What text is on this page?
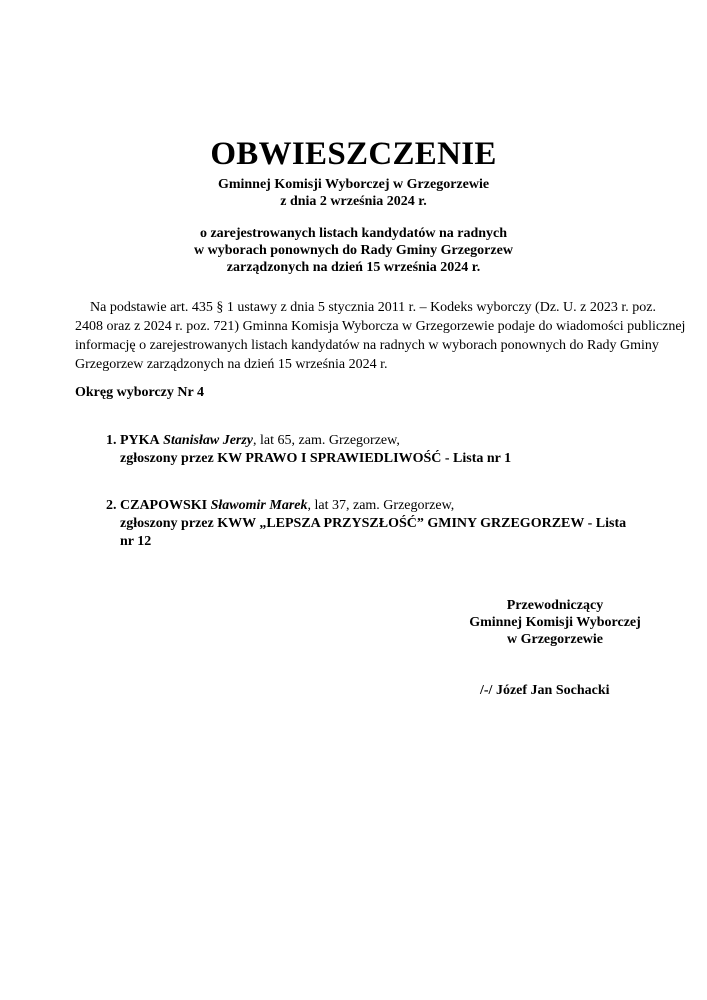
OBWIESZCZENIE
Gminnej Komisji Wyborczej w Grzegorzewie
z dnia 2 września 2024 r.
o zarejestrowanych listach kandydatów na radnych
w wyborach ponownych do Rady Gminy Grzegorzew
zarządzonych na dzień 15 września 2024 r.
Na podstawie art. 435 § 1 ustawy z dnia 5 stycznia 2011 r. – Kodeks wyborczy (Dz. U. z 2023 r. poz.
2408 oraz z 2024 r. poz. 721) Gminna Komisja Wyborcza w Grzegorzewie podaje do wiadomości publicznej
informację o zarejestrowanych listach kandydatów na radnych w wyborach ponownych do Rady Gminy
Grzegorzew zarządzonych na dzień 15 września 2024 r.
Okręg wyborczy Nr 4
1. PYKA Stanisław Jerzy, lat 65, zam. Grzegorzew,
zgłoszony przez KW PRAWO I SPRAWIEDLIWOŚĆ - Lista nr 1
2. CZAPOWSKI Sławomir Marek, lat 37, zam. Grzegorzew,
zgłoszony przez KWW „LEPSZA PRZYSZŁOŚĆ” GMINY GRZEGORZEW - Lista
nr 12
Przewodniczący
Gminnej Komisji Wyborczej
w Grzegorzewie
/-/ Józef Jan Sochacki
